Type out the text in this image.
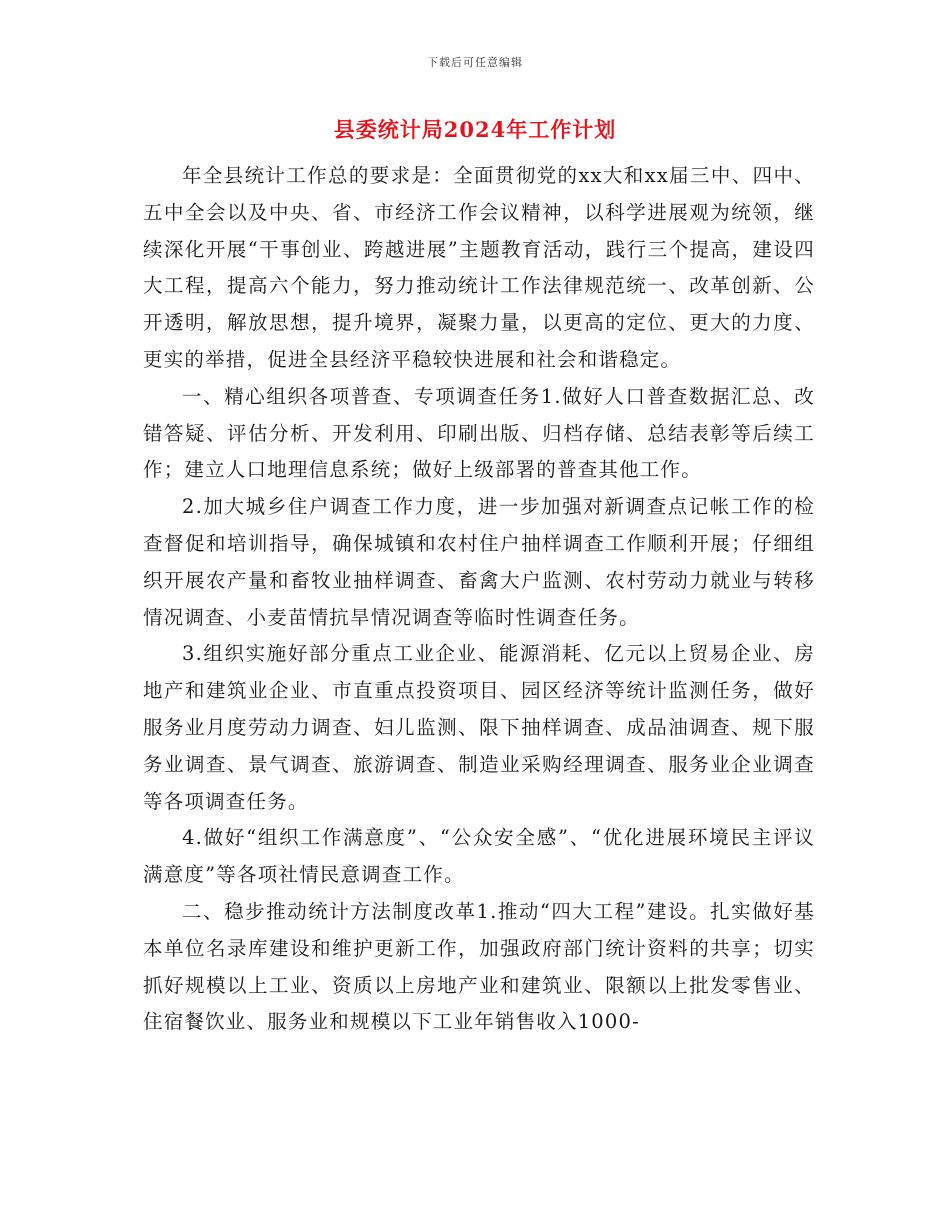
下载后可任意编辑
县委统计局2024年工作计划

年全县统计工作总的要求是：全面贯彻党的xx大和xx届三中、四中、五中全会以及中央、省、市经济工作会议精神，以科学进展观为统领，继续深化开展“干事创业、跨越进展”主题教育活动，践行三个提高，建设四大工程，提高六个能力，努力推动统计工作法律规范统一、改革创新、公开透明，解放思想，提升境界，凝聚力量，以更高的定位、更大的力度、更实的举措，促进全县经济平稳较快进展和社会和谐稳定。

一、精心组织各项普查、专项调查任务1.做好人口普查数据汇总、改错答疑、评估分析、开发利用、印刷出版、归档存储、总结表彰等后续工作；建立人口地理信息系统；做好上级部署的普查其他工作。

2.加大城乡住户调查工作力度，进一步加强对新调查点记帐工作的检查督促和培训指导，确保城镇和农村住户抽样调查工作顺利开展；仔细组织开展农产量和畜牧业抽样调查、畜禽大户监测、农村劳动力就业与转移情况调查、小麦苗情抗旱情况调查等临时性调查任务。

3.组织实施好部分重点工业企业、能源消耗、亿元以上贸易企业、房地产和建筑业企业、市直重点投资项目、园区经济等统计监测任务，做好服务业月度劳动力调查、妇儿监测、限下抽样调查、成品油调查、规下服务业调查、景气调查、旅游调查、制造业采购经理调查、服务业企业调查等各项调查任务。

4.做好“组织工作满意度”、“公众安全感”、“优化进展环境民主评议满意度”等各项社情民意调查工作。

二、稳步推动统计方法制度改革1.推动“四大工程”建设。扎实做好基本单位名录库建设和维护更新工作，加强政府部门统计资料的共享；切实抓好规模以上工业、资质以上房地产业和建筑业、限额以上批发零售业、住宿餐饮业、服务业和规模以下工业年销售收入1000-
